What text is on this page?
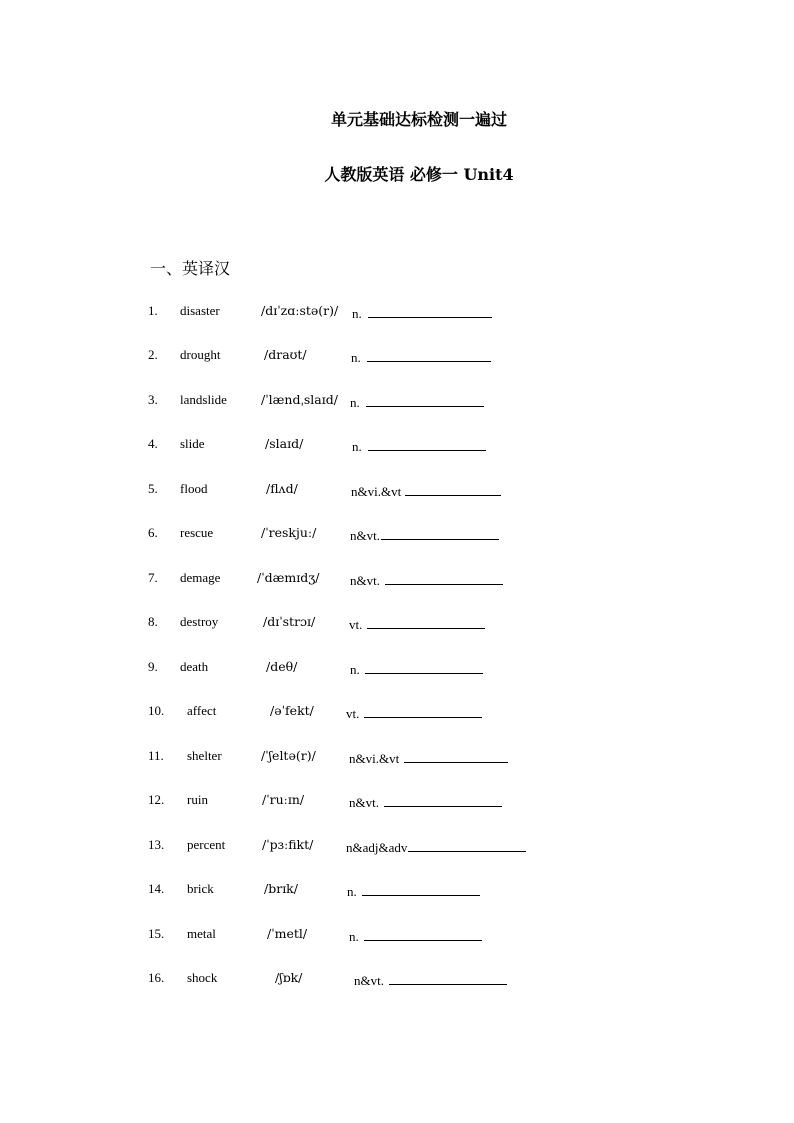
单元基础达标检测一遍过
人教版英语 必修一 Unit4
一、英译汉
1. disaster	/dɪˈzɑːstə(r)/ n.
2. drought	/draʊt/	n.
3. landslide	/ˈlændˌslaɪd/ n.
4. slide	/slaɪd/	n.
5. flood	/flʌd/	n&vi.&vt
6. rescue	/ˈreskjuː/	n&vt.
7. demage	/ˈdæmɪdʒ/ n&vt.
8. destroy	/dɪˈstrɔɪ/	vt.
9. death	/deθ/	n.
10. affect	/əˈfekt/ vt.
11. shelter	/ˈʃeltə(r)/	n&vi.&vt
12. ruin	/ˈruːɪn/	n&vt.
13. percent	/ˈpɜːfikt/	n&adj&adv
14. brick	/brɪk/	n.
15. metal	/ˈmetl/	n.
16. shock	/ʃɒk/	n&vt.
